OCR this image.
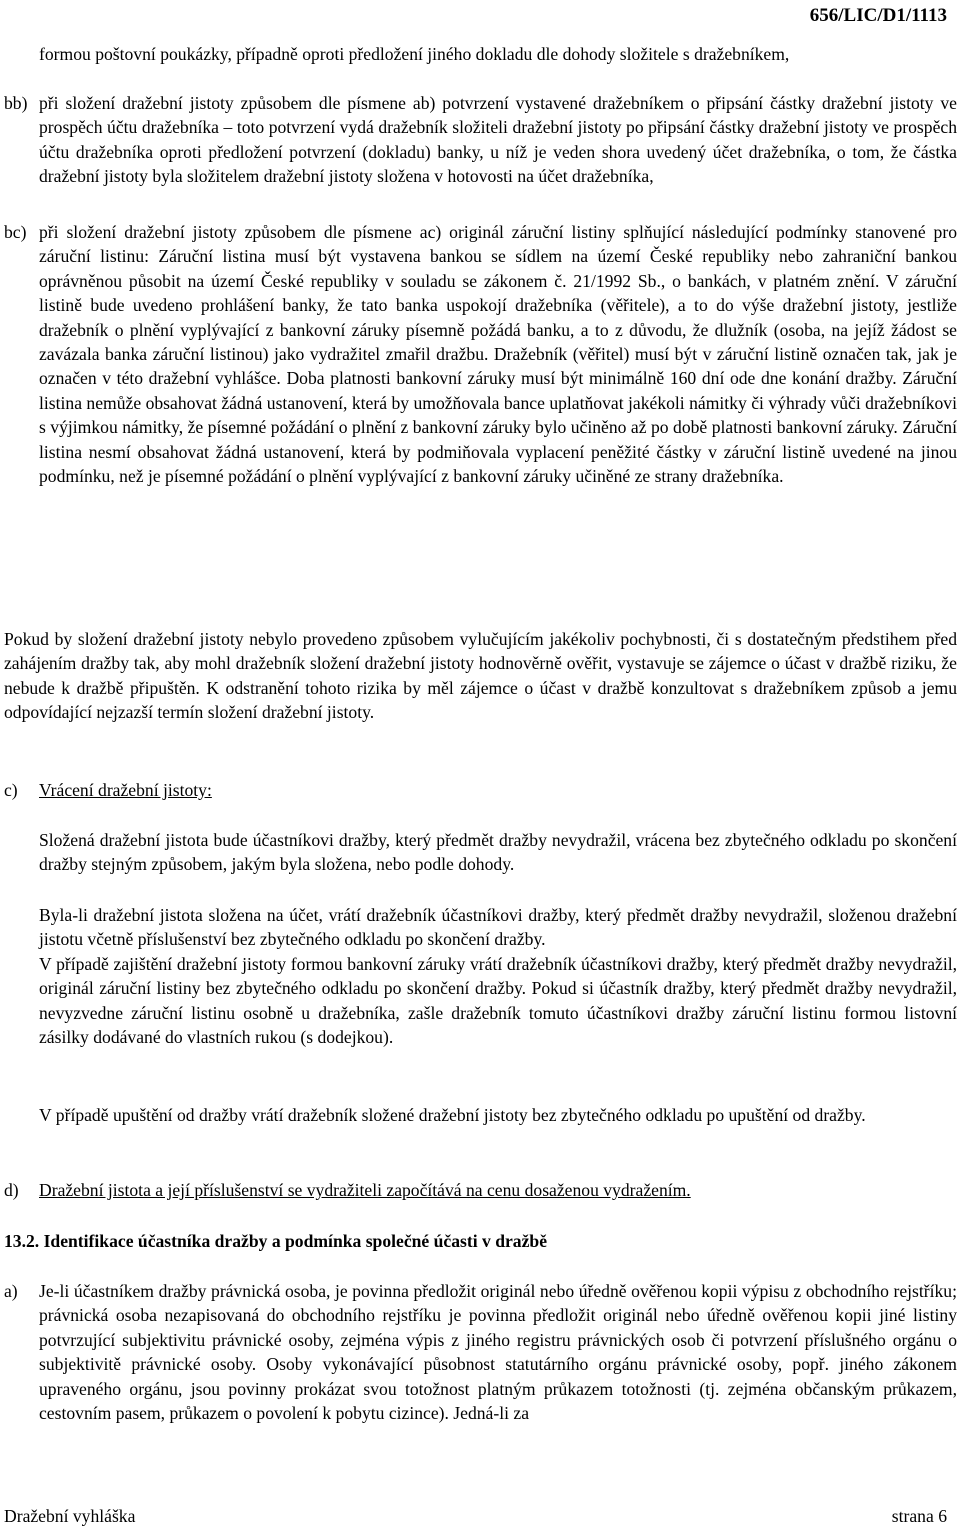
656/LIC/D1/1113

formou poštovní poukázky, případně oproti předložení jiného dokladu dle dohody složitele s dražebníkem,

bb) při složení dražební jistoty způsobem dle písmene ab) potvrzení vystavené dražebníkem o připsání částky dražební jistoty ve prospěch účtu dražebníka – toto potvrzení vydá dražebník složiteli dražební jistoty po připsání částky dražební jistoty ve prospěch účtu dražebníka oproti předložení potvrzení (dokladu) banky, u níž je veden shora uvedený účet dražebníka, o tom, že částka dražební jistoty byla složitelem dražební jistoty složena v hotovosti na účet dražebníka,

bc) při složení dražební jistoty způsobem dle písmene ac) originál záruční listiny splňující následující podmínky stanovené pro záruční listinu: Záruční listina musí být vystavena bankou se sídlem na území České republiky nebo zahraniční bankou oprávněnou působit na území České republiky v souladu se zákonem č. 21/1992 Sb., o bankách, v platném znění. V záruční listině bude uvedeno prohlášení banky, že tato banka uspokojí dražebníka (věřitele), a to do výše dražební jistoty, jestliže dražebník o plnění vyplývající z bankovní záruky písemně požádá banku, a to z důvodu, že dlužník (osoba, na jejíž žádost se zavázala banka záruční listinou) jako vydražitel zmařil dražbu. Dražebník (věřitel) musí být v záruční listině označen tak, jak je označen v této dražební vyhlášce. Doba platnosti bankovní záruky musí být minimálně 160 dní ode dne konání dražby. Záruční listina nemůže obsahovat žádná ustanovení, která by umožňovala bance uplatňovat jakékoli námitky či výhrady vůči dražebníkovi s výjimkou námitky, že písemné požádání o plnění z bankovní záruky bylo učiněno až po době platnosti bankovní záruky. Záruční listina nesmí obsahovat žádná ustanovení, která by podmiňovala vyplacení peněžité částky v záruční listině uvedené na jinou podmínku, než je písemné požádání o plnění vyplývající z bankovní záruky učiněné ze strany dražebníka.

Pokud by složení dražební jistoty nebylo provedeno způsobem vylučujícím jakékoliv pochybnosti, či s dostatečným předstihem před zahájením dražby tak, aby mohl dražebník složení dražební jistoty hodnověrně ověřit, vystavuje se zájemce o účast v dražbě riziku, že nebude k dražbě připuštěn. K odstranění tohoto rizika by měl zájemce o účast v dražbě konzultovat s dražebníkem způsob a jemu odpovídající nejzazší termín složení dražební jistoty.

c) Vrácení dražební jistoty:

Složená dražební jistota bude účastníkovi dražby, který předmět dražby nevydražil, vrácena bez zbytečného odkladu po skončení dražby stejným způsobem, jakým byla složena, nebo podle dohody.

Byla-li dražební jistota složena na účet, vrátí dražebník účastníkovi dražby, který předmět dražby nevydražil, složenou dražební jistotu včetně příslušenství bez zbytečného odkladu po skončení dražby.

V případě zajištění dražební jistoty formou bankovní záruky vrátí dražebník účastníkovi dražby, který předmět dražby nevydražil, originál záruční listiny bez zbytečného odkladu po skončení dražby. Pokud si účastník dražby, který předmět dražby nevydražil, nevyzvedne záruční listinu osobně u dražebníka, zašle dražebník tomuto účastníkovi dražby záruční listinu formou listovní zásilky dodávané do vlastních rukou (s dodejkou).

V případě upuštění od dražby vrátí dražebník složené dražební jistoty bez zbytečného odkladu po upuštění od dražby.

d) Dražební jistota a její příslušenství se vydražiteli započítává na cenu dosaženou vydražením.

13.2. Identifikace účastníka dražby a podmínka společné účasti v dražbě

a) Je-li účastníkem dražby právnická osoba, je povinna předložit originál nebo úředně ověřenou kopii výpisu z obchodního rejstříku; právnická osoba nezapisovaná do obchodního rejstříku je povinna předložit originál nebo úředně ověřenou kopii jiné listiny potvrzující subjektivitu právnické osoby, zejména výpis z jiného registru právnických osob či potvrzení příslušného orgánu o subjektivitě právnické osoby. Osoby vykonávající působnost statutárního orgánu právnické osoby, popř. jiného zákonem upraveného orgánu, jsou povinny prokázat svou totožnost platným průkazem totožnosti (tj. zejména občanským průkazem, cestovním pasem, průkazem o povolení k pobytu cizince). Jedná-li za

Dražební vyhláška	strana 6
